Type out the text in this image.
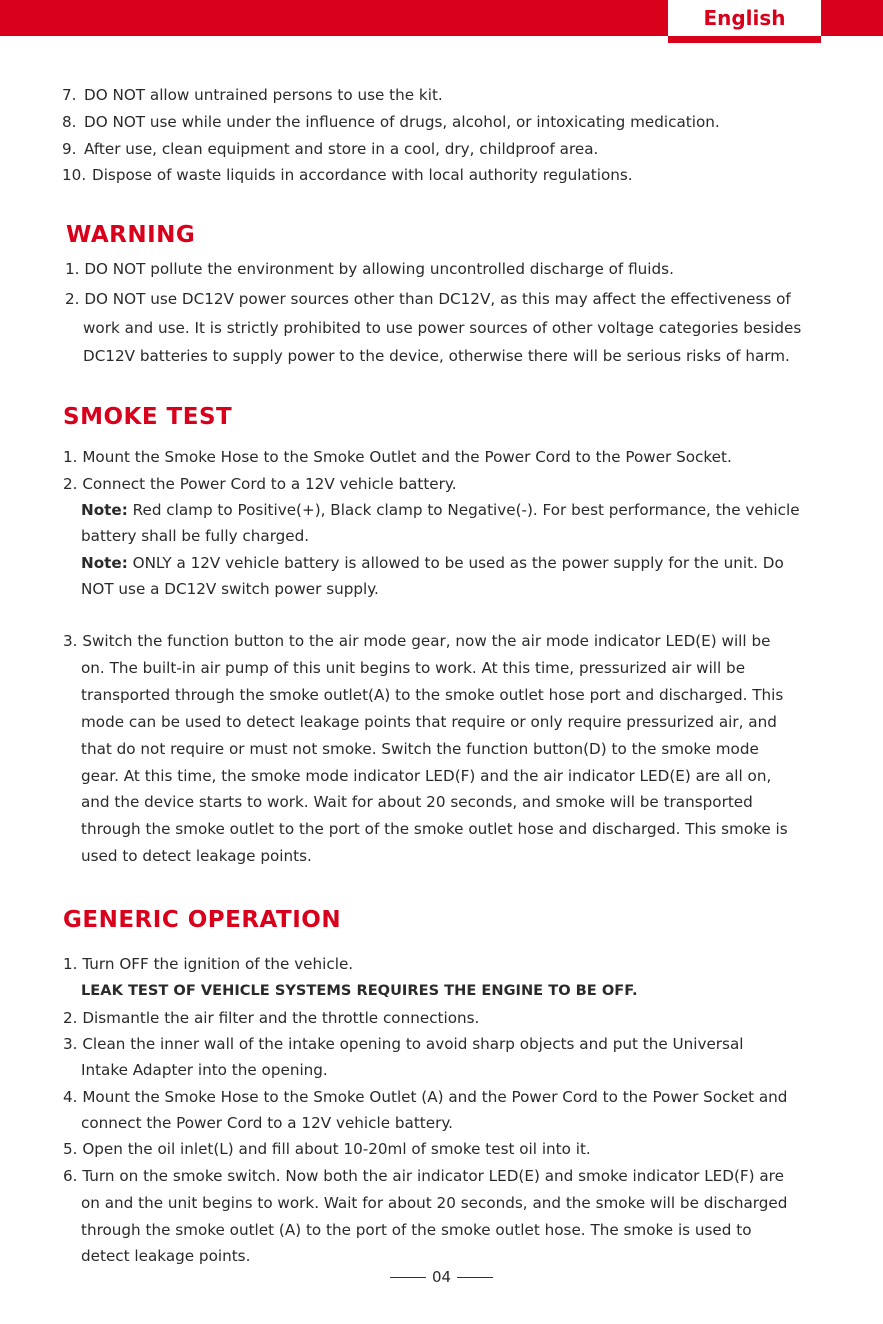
English
7. DO NOT allow untrained persons to use the kit.
8. DO NOT use while under the influence of drugs, alcohol, or intoxicating medication.
9. After use, clean equipment and store in a cool, dry, childproof area.
10. Dispose of waste liquids in accordance with local authority regulations.
WARNING
1. DO NOT pollute the environment by allowing uncontrolled discharge of fluids.
2. DO NOT use DC12V power sources other than DC12V, as this may affect the effectiveness of
work and use. It is strictly prohibited to use power sources of other voltage categories besides
DC12V batteries to supply power to the device, otherwise there will be serious risks of harm.
SMOKE TEST
1. Mount the Smoke Hose to the Smoke Outlet and the Power Cord to the Power Socket.
2. Connect the Power Cord to a 12V vehicle battery.
Note: Red clamp to Positive(+), Black clamp to Negative(-). For best performance, the vehicle
battery shall be fully charged.
Note: ONLY a 12V vehicle battery is allowed to be used as the power supply for the unit. Do
NOT use a DC12V switch power supply.
3. Switch the function button to the air mode gear, now the air mode indicator LED(E) will be
on. The built-in air pump of this unit begins to work. At this time, pressurized air will be
transported through the smoke outlet(A) to the smoke outlet hose port and discharged. This
mode can be used to detect leakage points that require or only require pressurized air, and
that do not require or must not smoke. Switch the function button(D) to the smoke mode
gear. At this time, the smoke mode indicator LED(F) and the air indicator LED(E) are all on,
and the device starts to work. Wait for about 20 seconds, and smoke will be transported
through the smoke outlet to the port of the smoke outlet hose and discharged. This smoke is
used to detect leakage points.
GENERIC OPERATION
1. Turn OFF the ignition of the vehicle.
LEAK TEST OF VEHICLE SYSTEMS REQUIRES THE ENGINE TO BE OFF.
2. Dismantle the air filter and the throttle connections.
3. Clean the inner wall of the intake opening to avoid sharp objects and put the Universal
Intake Adapter into the opening.
4. Mount the Smoke Hose to the Smoke Outlet (A) and the Power Cord to the Power Socket and
connect the Power Cord to a 12V vehicle battery.
5. Open the oil inlet(L) and fill about 10-20ml of smoke test oil into it.
6. Turn on the smoke switch. Now both the air indicator LED(E) and smoke indicator LED(F) are
on and the unit begins to work. Wait for about 20 seconds, and the smoke will be discharged
through the smoke outlet (A) to the port of the smoke outlet hose. The smoke is used to
detect leakage points.
04
